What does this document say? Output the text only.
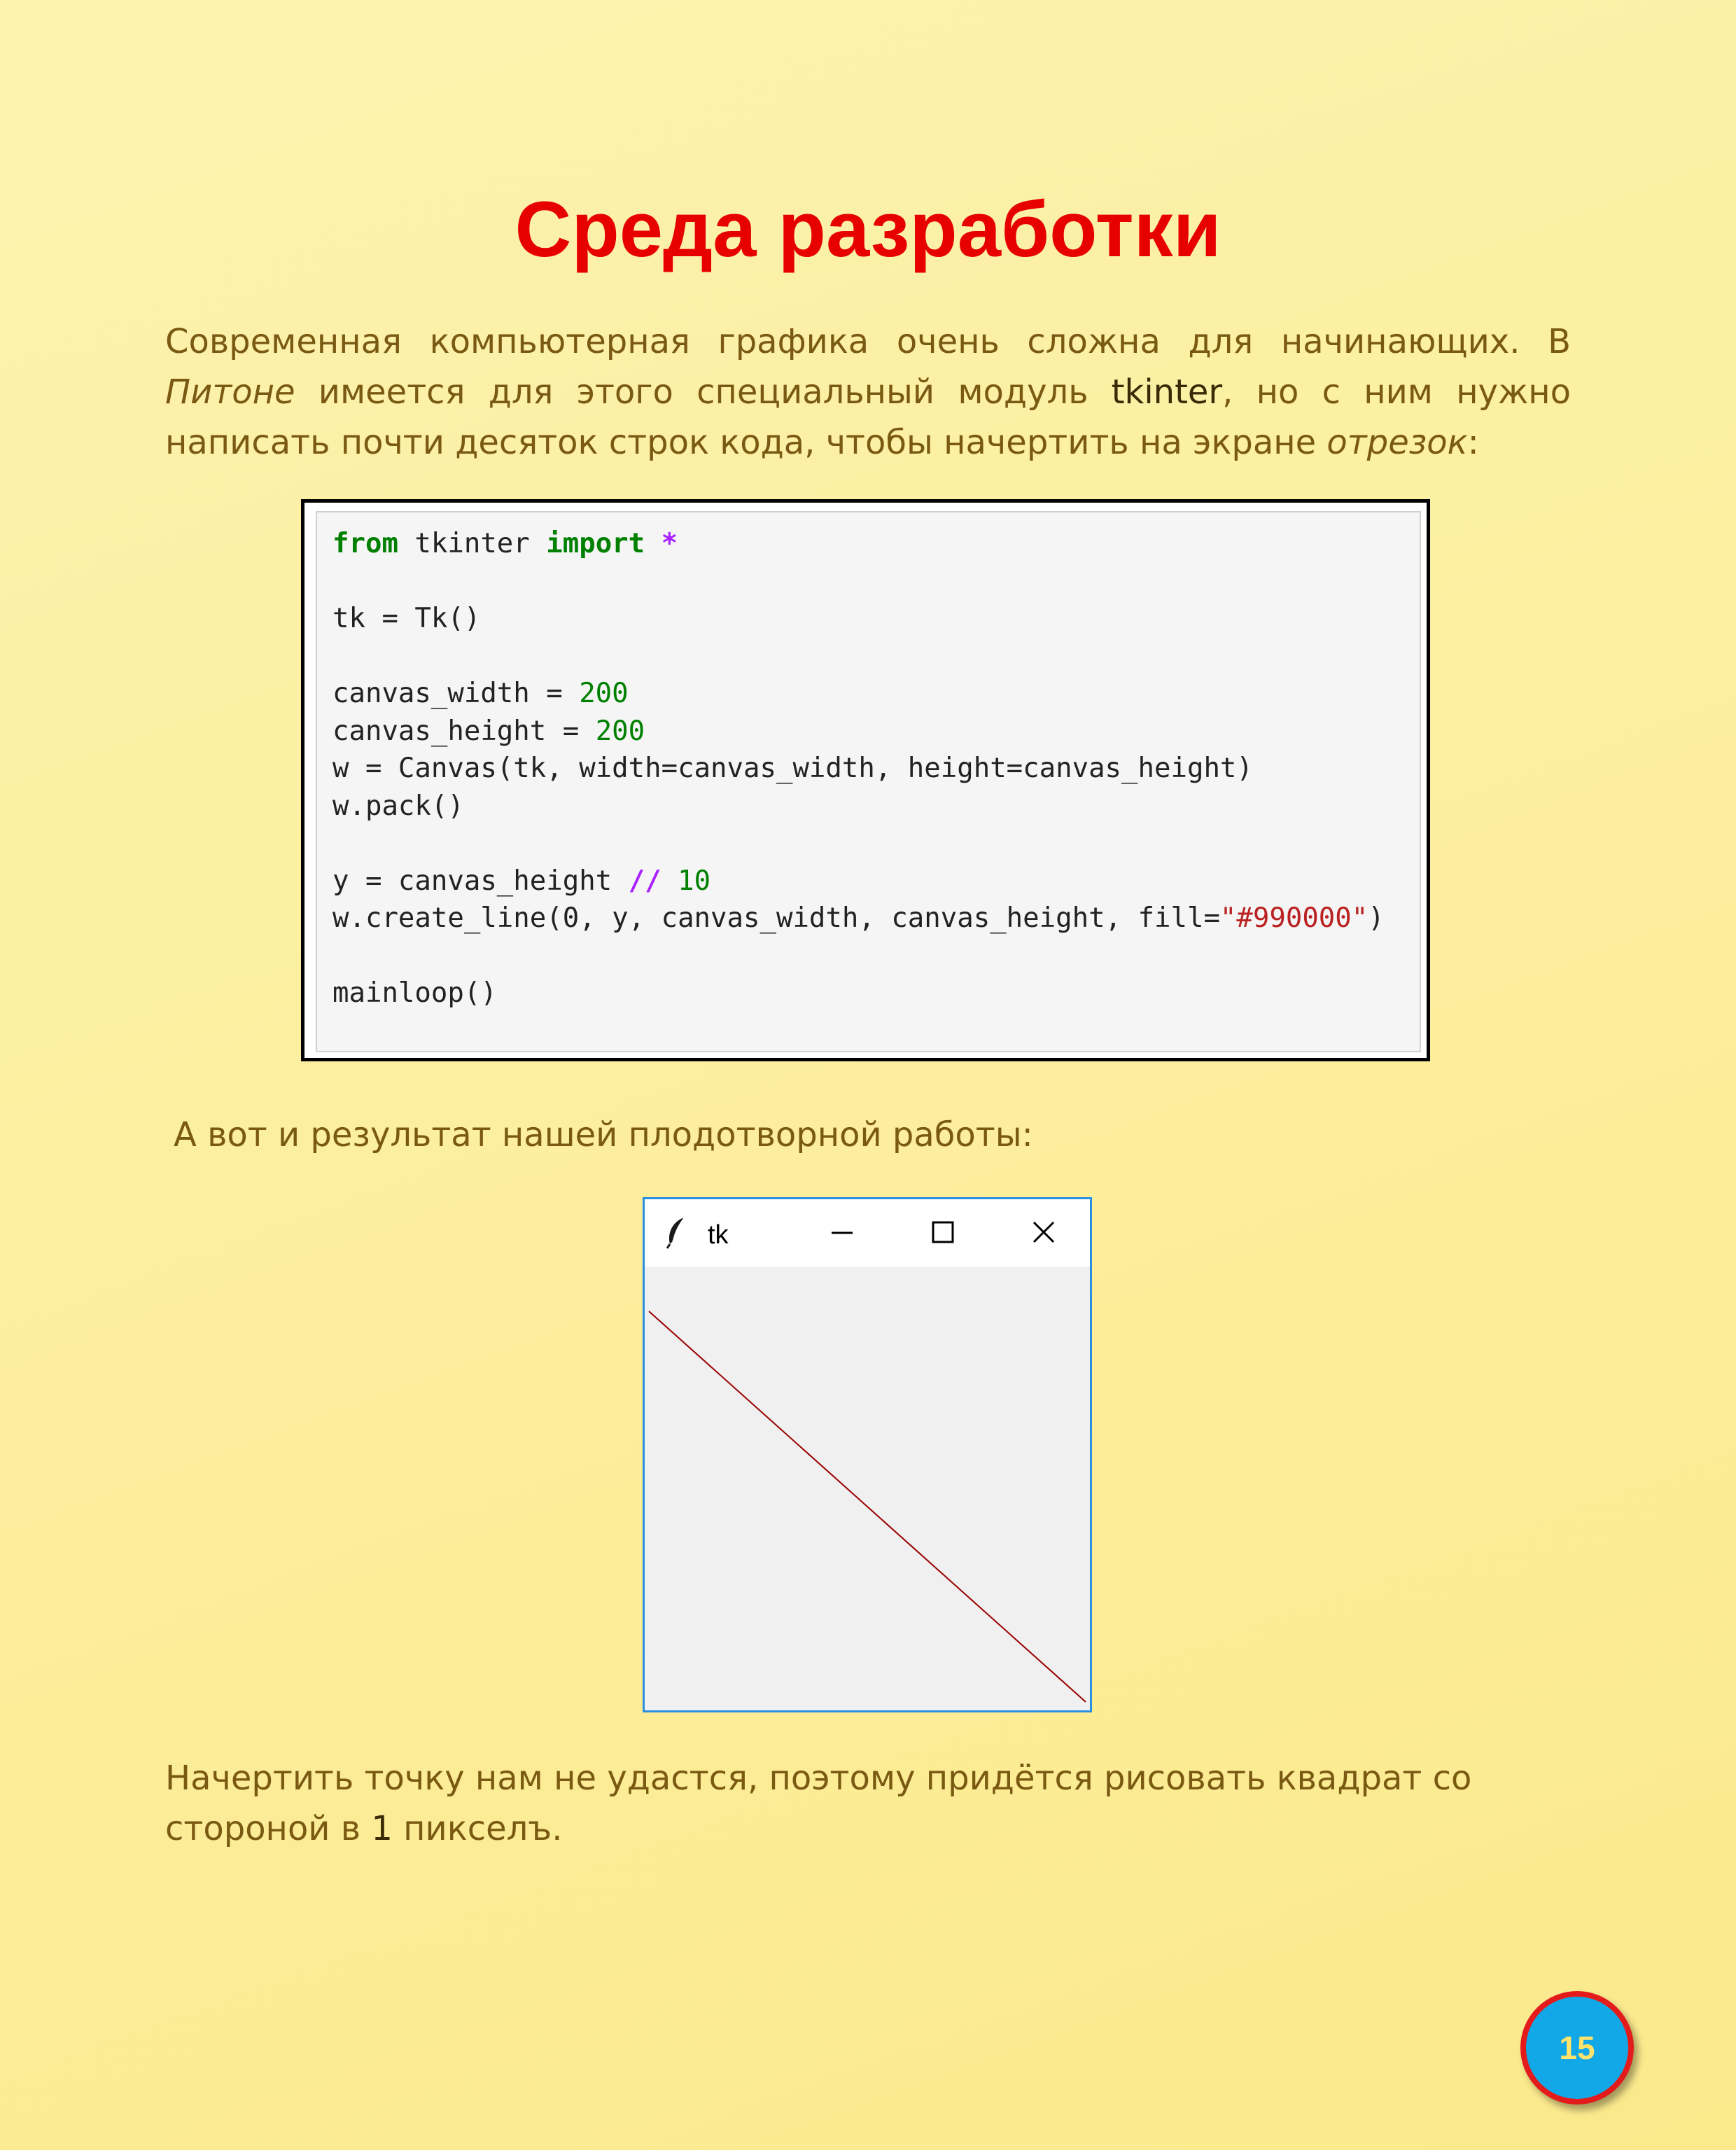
Среда разработки
Современная компьютерная графика очень сложна для начинающих. В Питоне имеется для этого специальный модуль tkinter, но с ним нужно написать почти десяток строк кода, чтобы начертить на экране отрезок:
from tkinter import *

tk = Tk()

canvas_width = 200
canvas_height = 200
w = Canvas(tk, width=canvas_width, height=canvas_height)
w.pack()

y = canvas_height // 10
w.create_line(0, y, canvas_width, canvas_height, fill="#990000")

mainloop()
А вот и результат нашей плодотворной работы:
tk
Начертить точку нам не удастся, поэтому придётся рисовать квадрат со стороной в 1 пикселъ.
15
